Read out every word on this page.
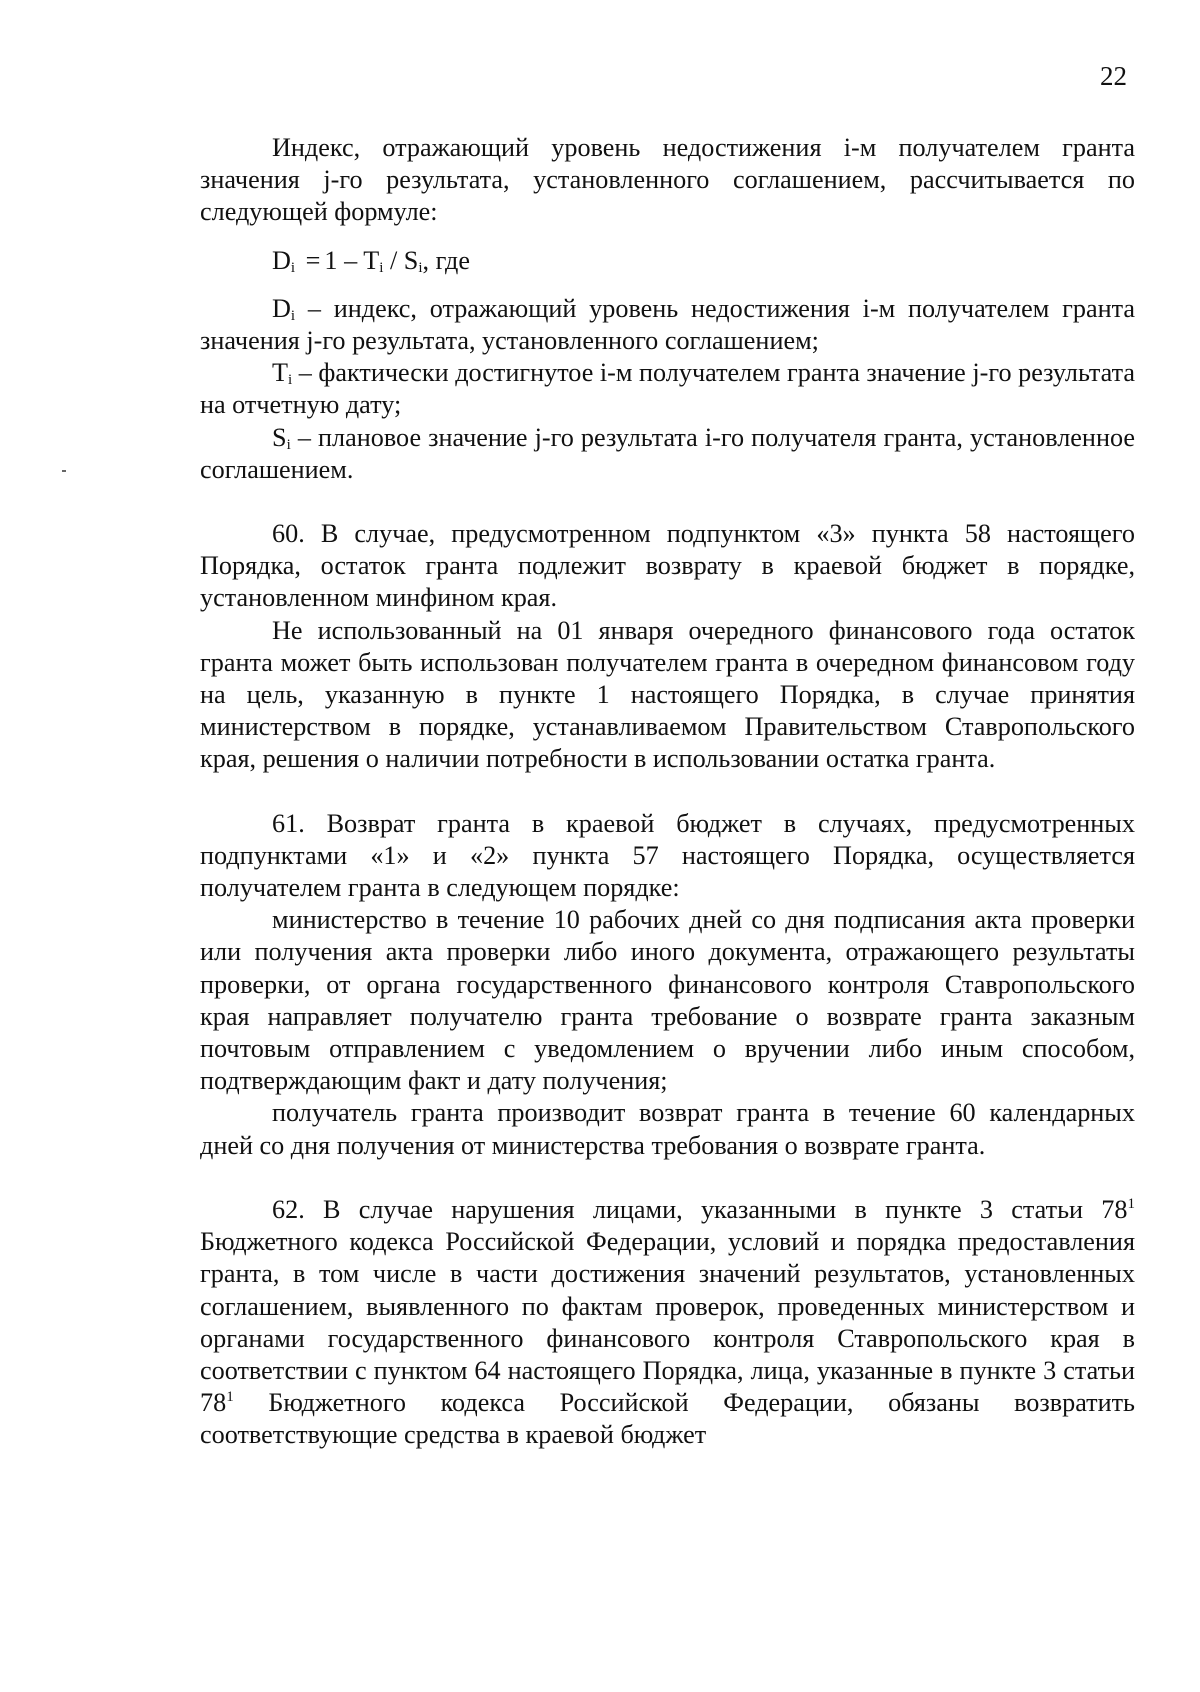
22

Индекс, отражающий уровень недостижения i-м получателем гранта значения j-го результата, установленного соглашением, рассчитывается по следующей формуле:

$D_i = 1 - T_i / S_i$, где

$D_i$ – индекс, отражающий уровень недостижения i-м получателем гранта значения j-го результата, установленного соглашением;

$T_i$ – фактически достигнутое i-м получателем гранта значение j-го результата на отчетную дату;

$S_i$ – плановое значение j-го результата i-го получателя гранта, установленное соглашением.

60. В случае, предусмотренном подпунктом «3» пункта 58 настоящего Порядка, остаток гранта подлежит возврату в краевой бюджет в порядке, установленном минфином края.

Не использованный на 01 января очередного финансового года остаток гранта может быть использован получателем гранта в очередном финансовом году на цель, указанную в пункте 1 настоящего Порядка, в случае принятия министерством в порядке, устанавливаемом Правительством Ставропольского края, решения о наличии потребности в использовании остатка гранта.

61. Возврат гранта в краевой бюджет в случаях, предусмотренных подпунктами «1» и «2» пункта 57 настоящего Порядка, осуществляется получателем гранта в следующем порядке:

министерство в течение 10 рабочих дней со дня подписания акта проверки или получения акта проверки либо иного документа, отражающего результаты проверки, от органа государственного финансового контроля Ставропольского края направляет получателю гранта требование о возврате гранта заказным почтовым отправлением с уведомлением о вручении либо иным способом, подтверждающим факт и дату получения;

получатель гранта производит возврат гранта в течение 60 календарных дней со дня получения от министерства требования о возврате гранта.

62. В случае нарушения лицами, указанными в пункте 3 статьи $78^1$ Бюджетного кодекса Российской Федерации, условий и порядка предоставления гранта, в том числе в части достижения значений результатов, установленных соглашением, выявленного по фактам проверок, проведенных министерством и органами государственного финансового контроля Ставропольского края в соответствии с пунктом 64 настоящего Порядка, лица, указанные в пункте 3 статьи $78^1$ Бюджетного кодекса Российской Федерации, обязаны возвратить соответствующие средства в краевой бюджет
